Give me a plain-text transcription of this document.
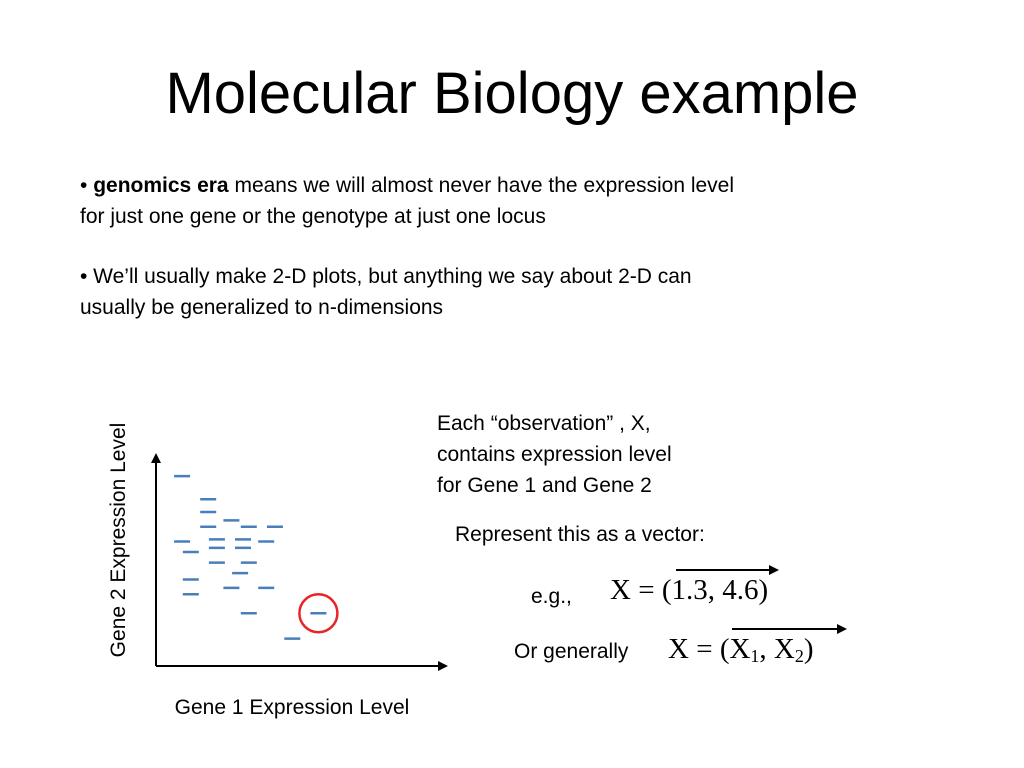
Molecular Biology example
• genomics era means we will almost never have the expression level
for just one gene or the genotype at just one locus
• We’ll usually make 2-D plots, but anything we say about 2-D can
usually be generalized to n-dimensions
Gene 1 Expression Level
Gene 2 Expression Level	Each “observation” , X,
contains expression level
for Gene 1 and Gene 2
Represent this as a vector:
e.g., X = (1.3, 4.6)
Or generally $X = (X_1$, $X_2$)
